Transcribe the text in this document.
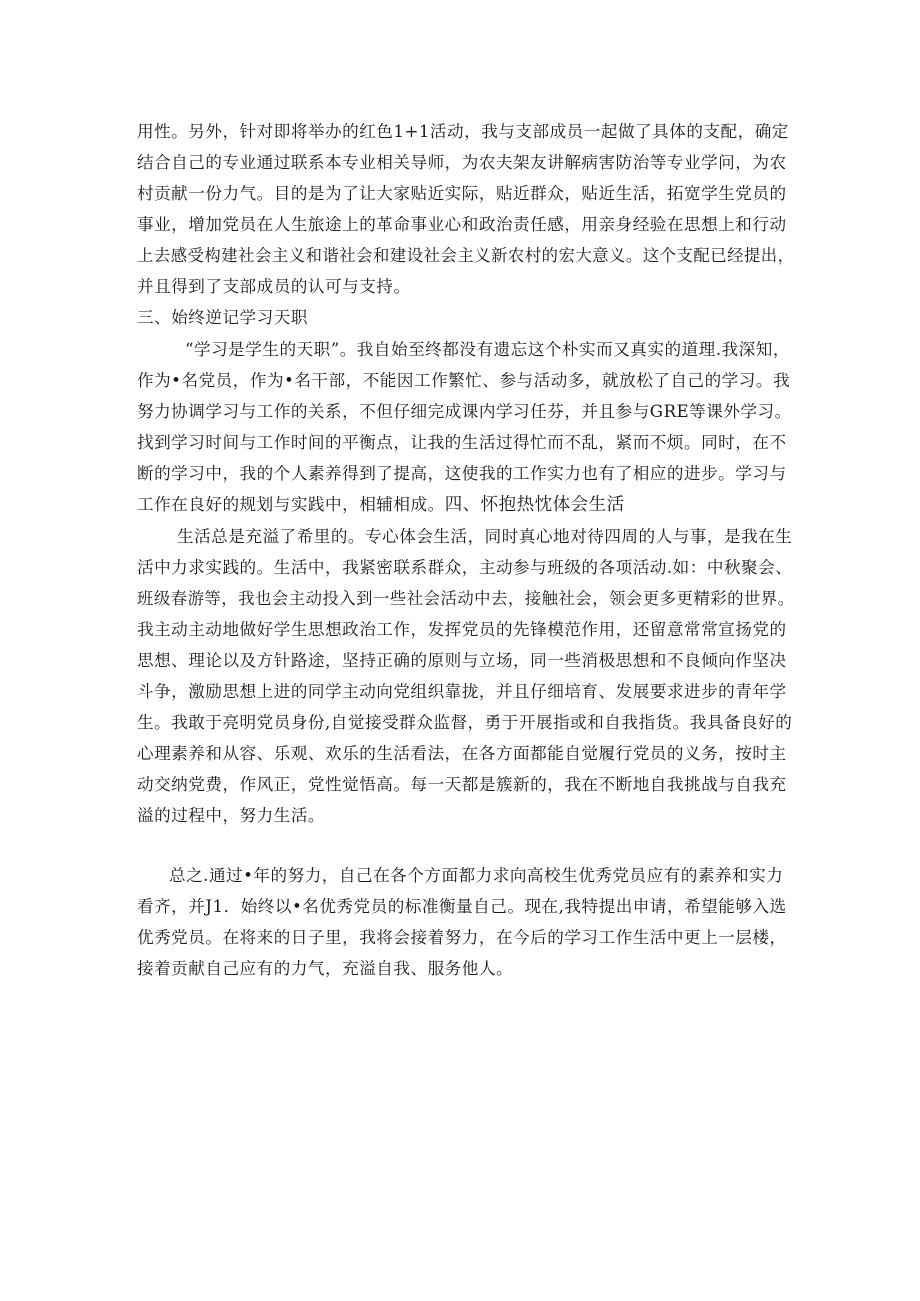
用性。另外，针对即将举办的红色1+1活动，我与支部成员一起做了具体的支配，确定
结合自己的专业通过联系本专业相关导师，为农夫架友讲解病害防治等专业学问，为农
村贡献一份力气。目的是为了让大家贴近实际，贴近群众，贴近生活，拓宽学生党员的
事业，增加党员在人生旅途上的革命事业心和政治责任感，用亲身经验在思想上和行动
上去感受构建社会主义和谐社会和建设社会主义新农村的宏大意义。这个支配已经提出，
并且得到了支部成员的认可与支持。
三、始终逆记学习天职
“学习是学生的天职”。我自始至终都没有遗忘这个朴实而又真实的道理.我深知，
作为•名党员，作为•名干部，不能因工作繁忙、参与活动多，就放松了自己的学习。我
努力协调学习与工作的关系，不但仔细完成课内学习任芬，并且参与GRE等课外学习。
找到学习时间与工作时间的平衡点，让我的生活过得忙而不乱，紧而不烦。同时，在不
断的学习中，我的个人素养得到了提高，这使我的工作实力也有了相应的进步。学习与
工作在良好的规划与实践中，相辅相成。四、怀抱热忱体会生活
生活总是充溢了希里的。专心体会生活，同时真心地对待四周的人与事，是我在生
活中力求实践的。生活中，我紧密联系群众，主动参与班级的各项活动.如：中秋聚会、
班级春游等，我也会主动投入到一些社会活动中去，接触社会，领会更多更精彩的世界。
我主动主动地做好学生思想政治工作，发挥党员的先锋模范作用，还留意常常宣扬党的
思想、理论以及方针路途，坚持正确的原则与立场，同一些消极思想和不良倾向作坚决
斗争，激励思想上进的同学主动向党组织靠拢，并且仔细培育、发展要求进步的青年学
生。我敢于亮明党员身份,自觉接受群众监督，勇于开展指或和自我指货。我具备良好的
心理素养和从容、乐观、欢乐的生活看法，在各方面都能自觉履行党员的义务，按时主
动交纳党费，作风正，党性觉悟高。每一天都是簇新的，我在不断地自我挑战与自我充
溢的过程中，努力生活。
总之.通过•年的努力，自己在各个方面都力求向高校生优秀党员应有的素养和实力
看齐，并J1．始终以•名优秀党员的标准衡量自己。现在,我特提出申请，希望能够入选
优秀党员。在将来的日子里，我将会接着努力，在今后的学习工作生活中更上一层楼，
接着贡献自己应有的力气，充溢自我、服务他人。
